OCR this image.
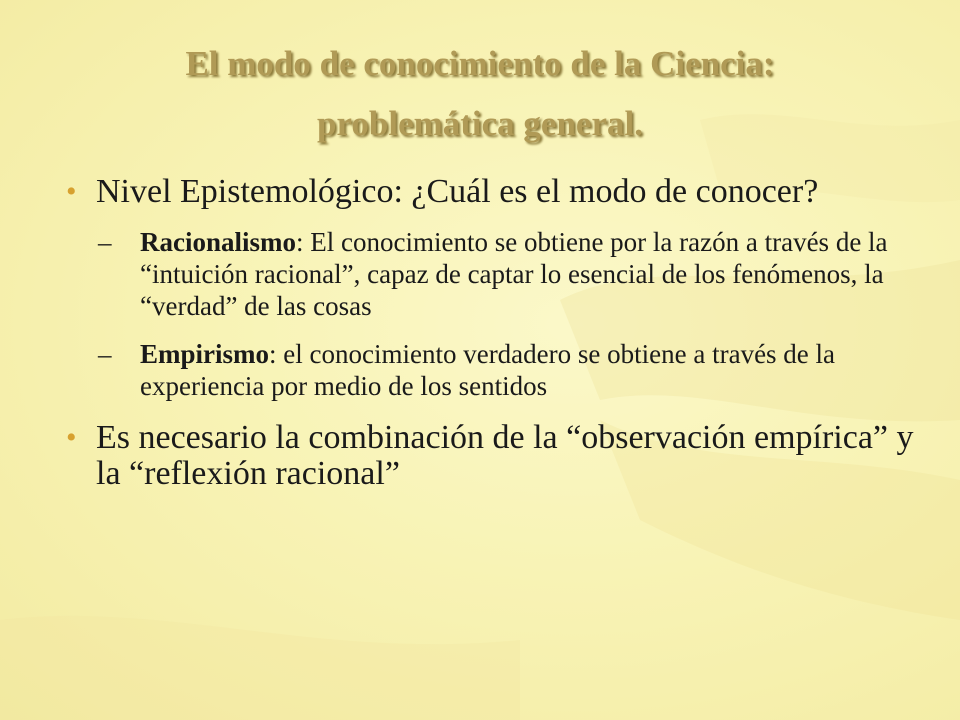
El modo de conocimiento de la Ciencia:
problemática general.
• Nivel Epistemológico: ¿Cuál es el modo de conocer?
– Racionalismo: El conocimiento se obtiene por la razón a través de la “intuición racional”, capaz de captar lo esencial de los fenómenos, la “verdad” de las cosas
– Empirismo: el conocimiento verdadero se obtiene a través de la experiencia por medio de los sentidos
• Es necesario la combinación de la “observación empírica” y la “reflexión racional”
